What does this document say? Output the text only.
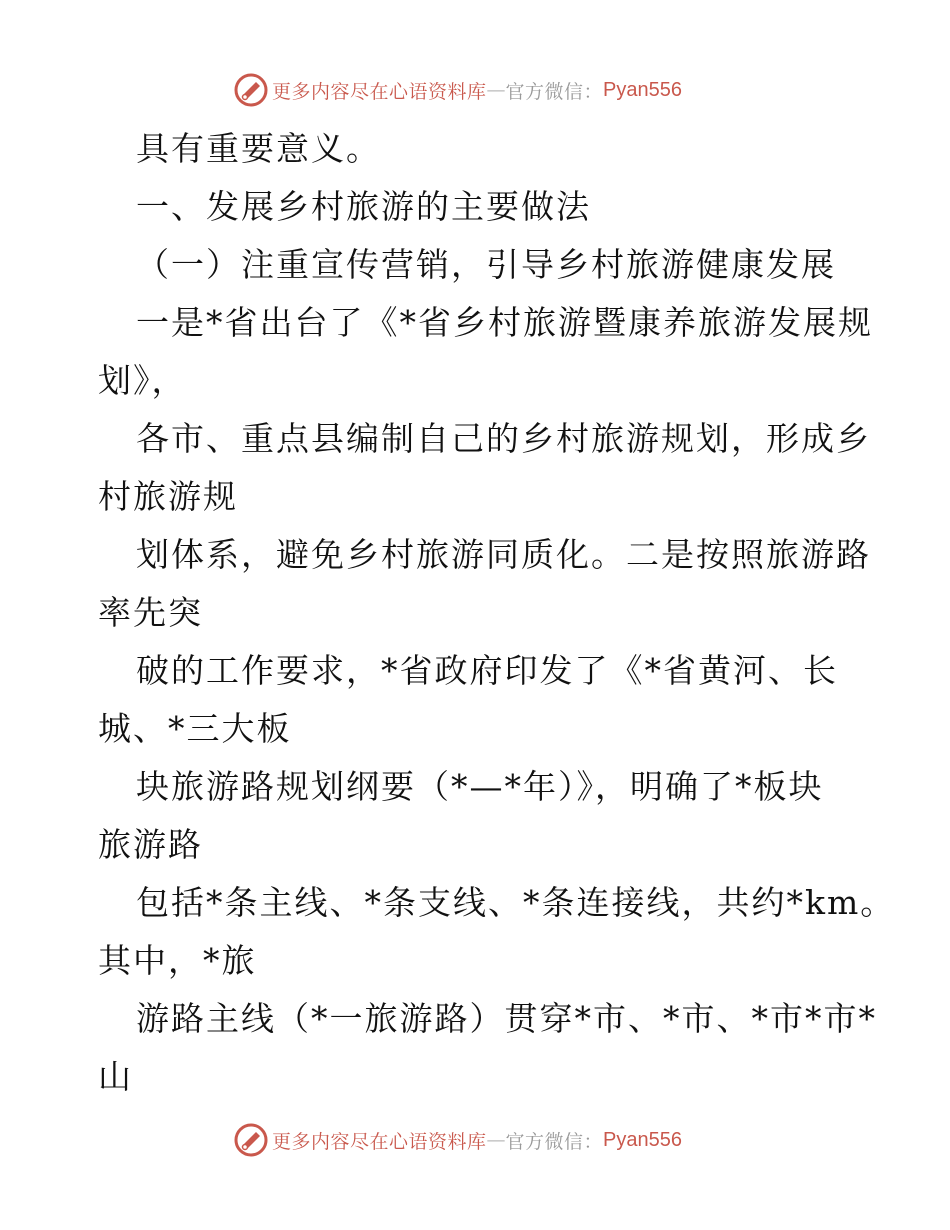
更多内容尽在心语资料库 — 官方微信： Pyan556
具有重要意义。
一、发展乡村旅游的主要做法
（一）注重宣传营销，引导乡村旅游健康发展
一是*省出台了《*省乡村旅游暨康养旅游发展规
划》，
各市、重点县编制自己的乡村旅游规划，形成乡
村旅游规
划体系，避免乡村旅游同质化。二是按照旅游路
率先突
破的工作要求，*省政府印发了《*省黄河、长
城、*三大板
块旅游路规划纲要（*—*年）》，明确了*板块
旅游路
包括*条主线、*条支线、*条连接线，共约*km。
其中，*旅
游路主线（*一旅游路）贯穿*市、*市、*市*市*
山
更多内容尽在心语资料库 — 官方微信： Pyan556
